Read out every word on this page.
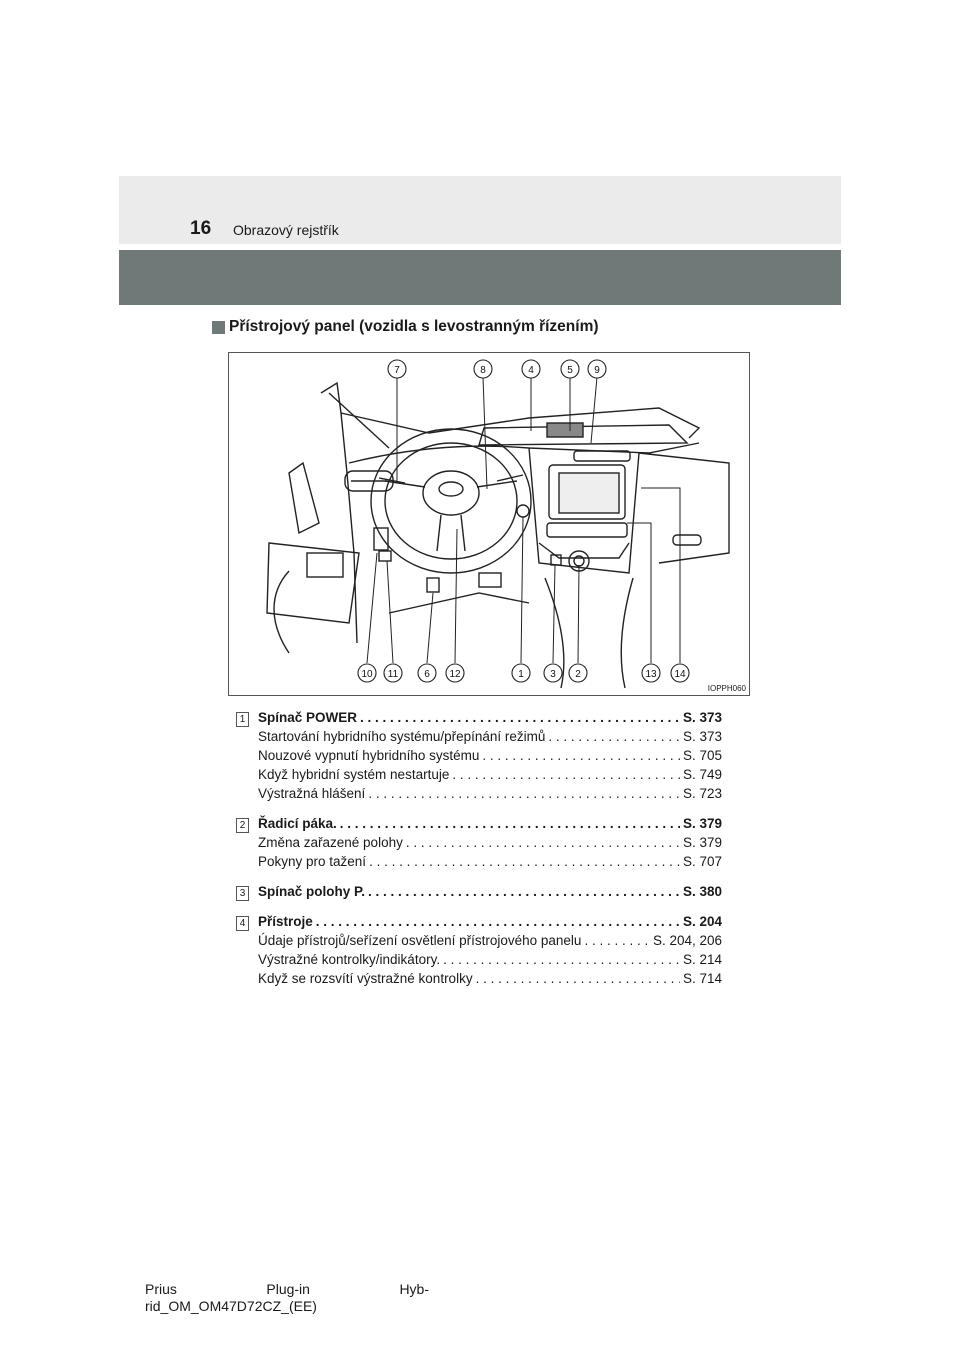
16 Obrazový rejstřík
Přístrojový panel (vozidla s levostranným řízením)
7	8	4	5 9
10 11	6 12	1	3 2	13 14
IOPPH060
1 Spínač POWER . . .	S. 373
Startování hybridního systému/přepínání režimů . . .	S. 373
Nouzové vypnutí hybridního systému . . .	S. 705
Když hybridní systém nestartuje . . .	S. 749
Výstražná hlášení . . .	S. 723
2 Řadicí páka. . . .	S. 379
Změna zařazené polohy . . .	S. 379
Pokyny pro tažení . . .	S. 707
3 Spínač polohy P. . . .	S. 380
4 Přístroje . . .	S. 204
Údaje přístrojů/seřízení osvětlení přístrojového panelu . . .	S. 204, 206
Výstražné kontrolky/indikátory. . . .	S. 214
Když se rozsvítí výstražné kontrolky . . .	S. 714
Prius	Plug-in	Hyb-
rid_OM_OM47D72CZ_(EE)
